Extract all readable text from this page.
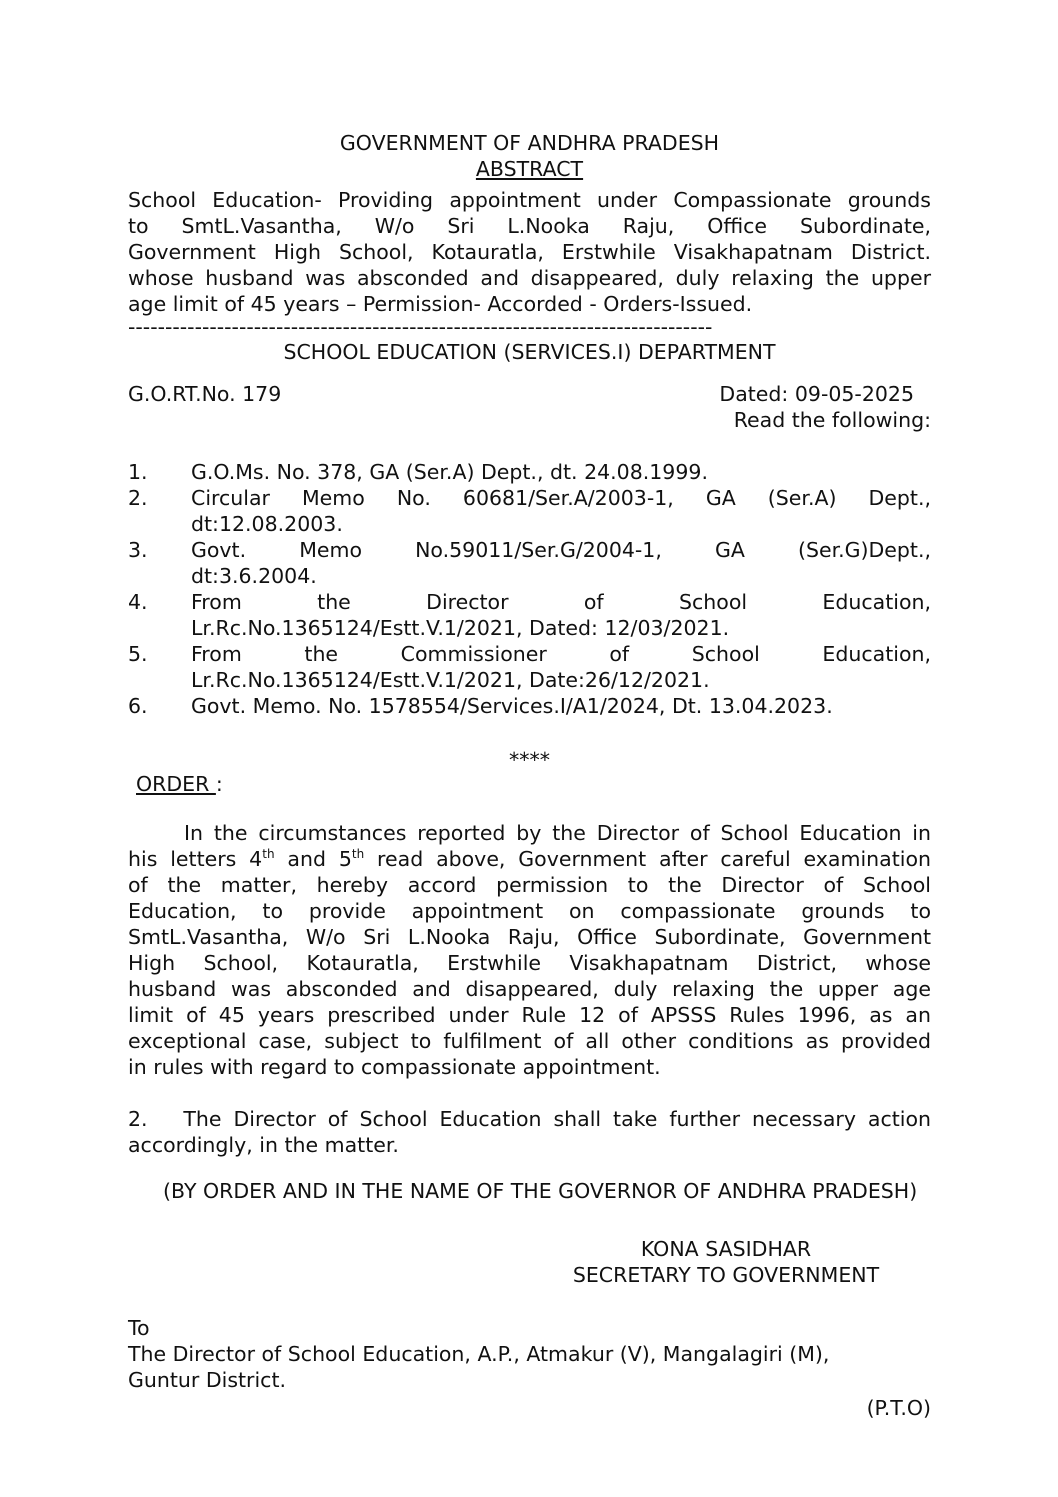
GOVERNMENT OF ANDHRA PRADESH
ABSTRACT
School Education- Providing appointment under Compassionate grounds
to SmtL.Vasantha, W/o Sri L.Nooka Raju, Office Subordinate,
Government High School, Kotauratla, Erstwhile Visakhapatnam District.
whose husband was absconded and disappeared, duly relaxing the upper
age limit of 45 years – Permission- Accorded - Orders-Issued.
-------------------------------------------------------------------------------
SCHOOL EDUCATION (SERVICES.I) DEPARTMENT
G.O.RT.No. 179	Dated: 09-05-2025
Read the following:
1.	G.O.Ms. No. 378, GA (Ser.A) Dept., dt. 24.08.1999.
2.	Circular Memo No. 60681/Ser.A/2003-1, GA (Ser.A) Dept.,
dt:12.08.2003.
3.	Govt. Memo No.59011/Ser.G/2004-1, GA (Ser.G)Dept.,
dt:3.6.2004.
4.	From the Director of School Education,
Lr.Rc.No.1365124/Estt.V.1/2021, Dated: 12/03/2021.
5.	From the Commissioner of School Education,
Lr.Rc.No.1365124/Estt.V.1/2021, Date:26/12/2021.
6.	Govt. Memo. No. 1578554/Services.I/A1/2024, Dt. 13.04.2023.
****
ORDER :
In the circumstances reported by the Director of School Education in
his letters 4th and 5th read above, Government after careful examination
of the matter, hereby accord permission to the Director of School
Education, to provide appointment on compassionate grounds to
SmtL.Vasantha, W/o Sri L.Nooka Raju, Office Subordinate, Government
High School, Kotauratla, Erstwhile Visakhapatnam District, whose
husband was absconded and disappeared, duly relaxing the upper age
limit of 45 years prescribed under Rule 12 of APSSS Rules 1996, as an
exceptional case, subject to fulfilment of all other conditions as provided
in rules with regard to compassionate appointment.
2.   The Director of School Education shall take further necessary action
accordingly, in the matter.
(BY ORDER AND IN THE NAME OF THE GOVERNOR OF ANDHRA PRADESH)
KONA SASIDHAR
SECRETARY TO GOVERNMENT
To
The Director of School Education, A.P., Atmakur (V), Mangalagiri (M),
Guntur District.
(P.T.O)
